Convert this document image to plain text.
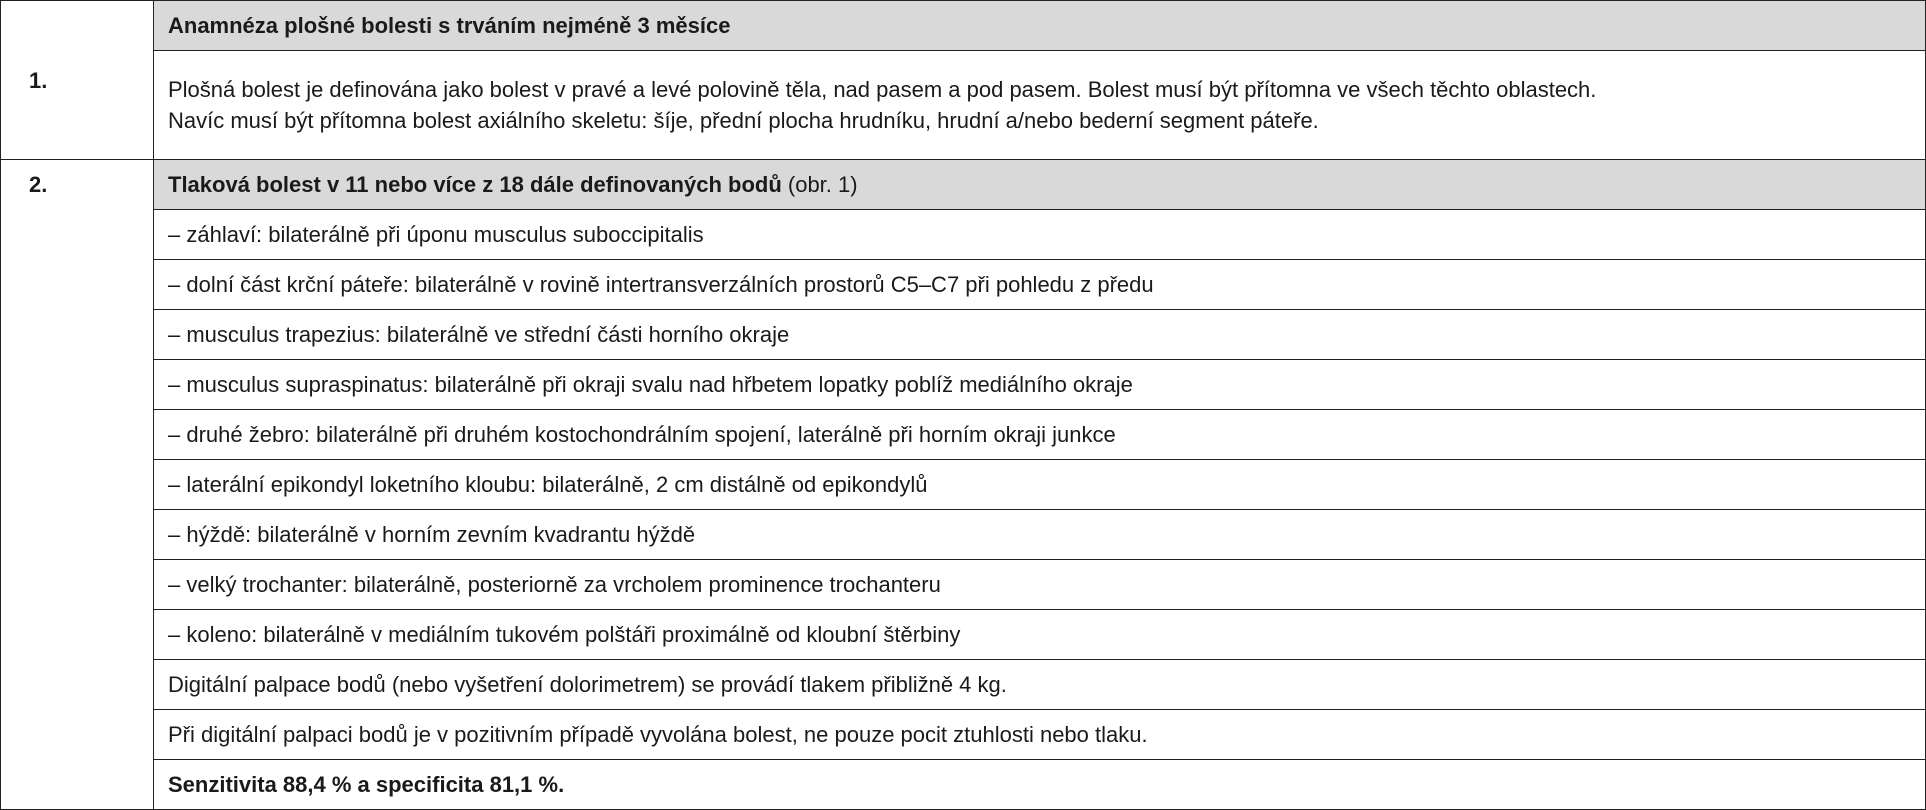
1.	Anamnéza plošné bolesti s trváním nejméně 3 měsíce

	Plošná bolest je definována jako bolest v pravé a levé polovině těla, nad pasem a pod pasem. Bolest musí být přítomna ve všech těchto oblastech.
Navíc musí být přítomna bolest axiálního skeletu: šíje, přední plocha hrudníku, hrudní a/nebo bederní segment páteře.

2.	Tlaková bolest v 11 nebo více z 18 dále definovaných bodů (obr. 1)
	– záhlaví: bilaterálně při úponu musculus suboccipitalis
	– dolní část krční páteře: bilaterálně v rovině intertransverzálních prostorů C5–C7 při pohledu z předu
	– musculus trapezius: bilaterálně ve střední části horního okraje
	– musculus supraspinatus: bilaterálně při okraji svalu nad hřbetem lopatky poblíž mediálního okraje
	– druhé žebro: bilaterálně při druhém kostochondrálním spojení, laterálně při horním okraji junkce
	– laterální epikondyl loketního kloubu: bilaterálně, 2 cm distálně od epikondylů
	– hýždě: bilaterálně v horním zevním kvadrantu hýždě
	– velký trochanter: bilaterálně, posteriorně za vrcholem prominence trochanteru
	– koleno: bilaterálně v mediálním tukovém polštáři proximálně od kloubní štěrbiny
	Digitální palpace bodů (nebo vyšetření dolorimetrem) se provádí tlakem přibližně 4 kg.
	Při digitální palpaci bodů je v pozitivním případě vyvolána bolest, ne pouze pocit ztuhlosti nebo tlaku.
	Senzitivita 88,4 % a specificita 81,1 %.
